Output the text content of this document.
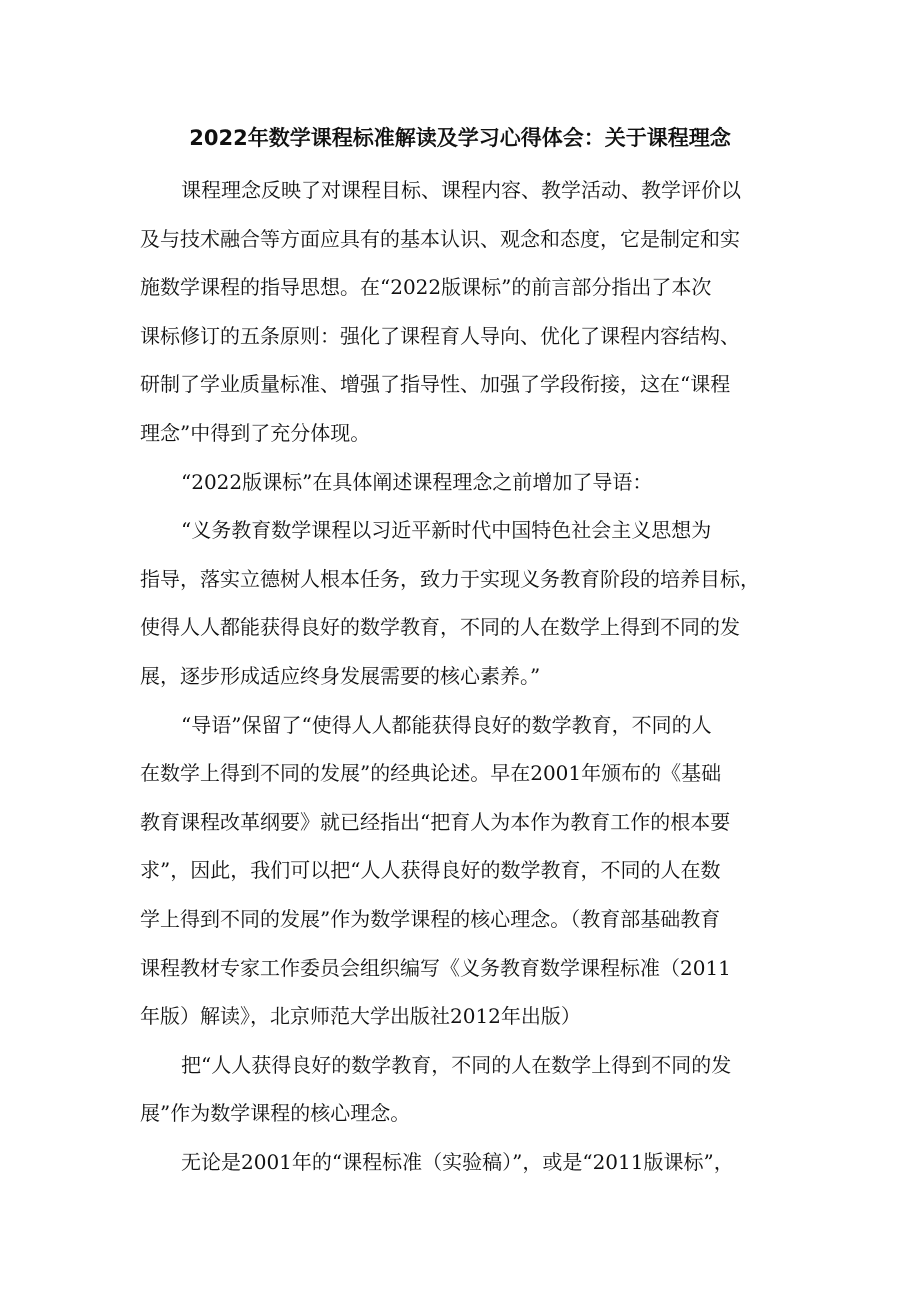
2022年数学课程标准解读及学习心得体会：关于课程理念

课程理念反映了对课程目标、课程内容、教学活动、教学评价以
及与技术融合等方面应具有的基本认识、观念和态度，它是制定和实
施数学课程的指导思想。在“2022版课标”的前言部分指出了本次
课标修订的五条原则：强化了课程育人导向、优化了课程内容结构、
研制了学业质量标准、增强了指导性、加强了学段衔接，这在“课程
理念”中得到了充分体现。

“2022版课标”在具体阐述课程理念之前增加了导语：

“义务教育数学课程以习近平新时代中国特色社会主义思想为
指导，落实立德树人根本任务，致力于实现义务教育阶段的培养目标，
使得人人都能获得良好的数学教育，不同的人在数学上得到不同的发
展，逐步形成适应终身发展需要的核心素养。”

“导语”保留了“使得人人都能获得良好的数学教育，不同的人
在数学上得到不同的发展”的经典论述。早在2001年颁布的《基础
教育课程改革纲要》就已经指出“把育人为本作为教育工作的根本要
求”，因此，我们可以把“人人获得良好的数学教育，不同的人在数
学上得到不同的发展”作为数学课程的核心理念。（教育部基础教育
课程教材专家工作委员会组织编写《义务教育数学课程标准（2011
年版）解读》，北京师范大学出版社2012年出版）

把“人人获得良好的数学教育，不同的人在数学上得到不同的发
展”作为数学课程的核心理念。

无论是2001年的“课程标准（实验稿）”，或是“2011版课标”，
